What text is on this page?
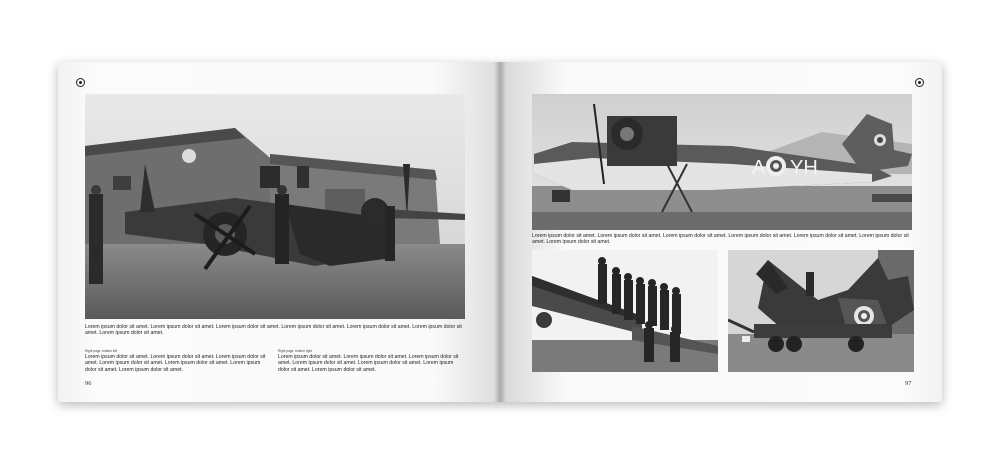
Lorem ipsum dolor sit amet. Lorem ipsum dolor sit amet. Lorem ipsum dolor sit amet. Lorem ipsum dolor sit amet. Lorem ipsum dolor sit amet. Lorem ipsum dolor sit amet. Lorem ipsum dolor sit amet.
Right page, bottom left
Lorem ipsum dolor sit amet. Lorem ipsum dolor sit amet. Lorem ipsum dolor sit amet. Lorem ipsum dolor sit amet. Lorem ipsum dolor sit amet. Lorem ipsum dolor sit amet. Lorem ipsum dolor sit amet.
Right page, bottom right
Lorem ipsum dolor sit amet. Lorem ipsum dolor sit amet. Lorem ipsum dolor sit amet. Lorem ipsum dolor sit amet. Lorem ipsum dolor sit amet. Lorem ipsum dolor sit amet. Lorem ipsum dolor sit amet.
96
A YH
Lorem ipsum dolor sit amet. Lorem ipsum dolor sit amet. Lorem ipsum dolor sit amet. Lorem ipsum dolor sit amet. Lorem ipsum dolor sit amet. Lorem ipsum dolor sit amet. Lorem ipsum dolor sit amet.
97
